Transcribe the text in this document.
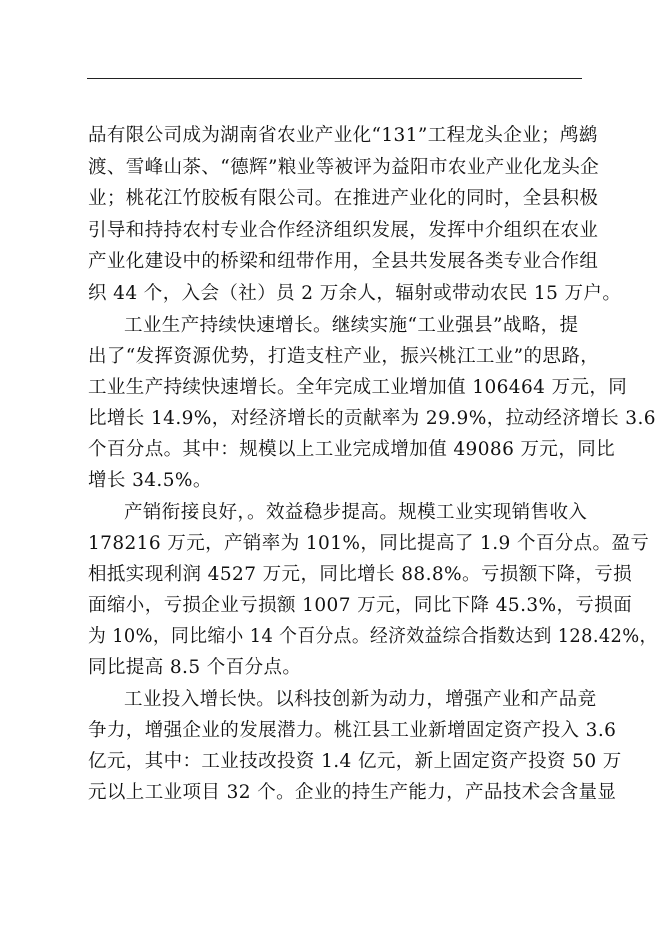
品有限公司成为湖南省农业产业化“131”工程龙头企业；鸬鹚
渡、雪峰山茶、“德辉”粮业等被评为益阳市农业产业化龙头企
业；桃花江竹胶板有限公司。在推进产业化的同时，全县积极
引导和持持农村专业合作经济组织发展，发挥中介组织在农业
产业化建设中的桥梁和纽带作用，全县共发展各类专业合作组
织 44 个，入会（社）员 2 万余人，辐射或带动农民 15 万户。
工业生产持续快速增长。继续实施“工业强县”战略，提
出了“发挥资源优势，打造支柱产业，振兴桃江工业”的思路，
工业生产持续快速增长。全年完成工业增加值 106464 万元，同
比增长 14.9%，对经济增长的贡献率为 29.9%，拉动经济增长 3.6
个百分点。其中：规模以上工业完成增加值 49086 万元，同比
增长 34.5%。
产销衔接良好，。效益稳步提高。规模工业实现销售收入
178216 万元，产销率为 101%，同比提高了 1.9 个百分点。盈亏
相抵实现利润 4527 万元，同比增长 88.8%。亏损额下降，亏损
面缩小，亏损企业亏损额 1007 万元，同比下降 45.3%，亏损面
为 10%，同比缩小 14 个百分点。经济效益综合指数达到 128.42%，
同比提高 8.5 个百分点。
工业投入增长快。以科技创新为动力，增强产业和产品竞
争力，增强企业的发展潜力。桃江县工业新增固定资产投入 3.6
亿元，其中：工业技改投资 1.4 亿元，新上固定资产投资 50 万
元以上工业项目 32 个。企业的持生产能力，产品技术会含量显
